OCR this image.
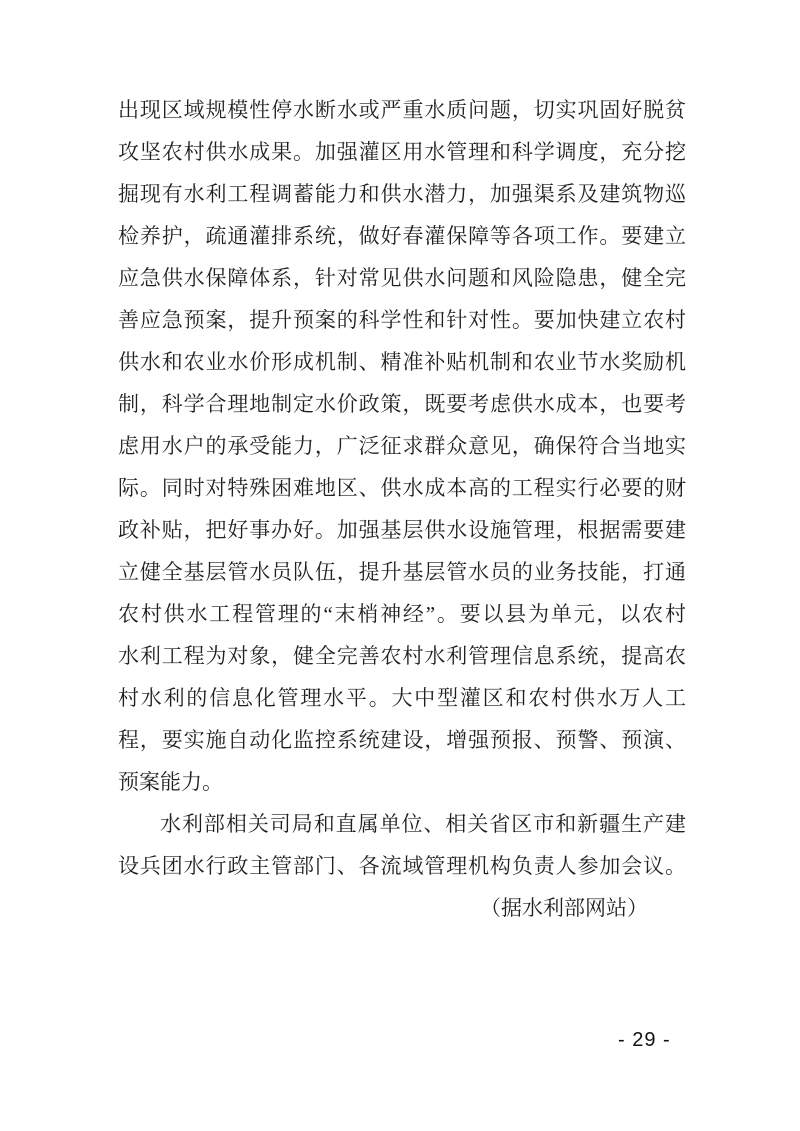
出现区域规模性停水断水或严重水质问题，切实巩固好脱贫
攻坚农村供水成果。加强灌区用水管理和科学调度，充分挖
掘现有水利工程调蓄能力和供水潜力，加强渠系及建筑物巡
检养护，疏通灌排系统，做好春灌保障等各项工作。要建立
应急供水保障体系，针对常见供水问题和风险隐患，健全完
善应急预案，提升预案的科学性和针对性。要加快建立农村
供水和农业水价形成机制、精准补贴机制和农业节水奖励机
制，科学合理地制定水价政策，既要考虑供水成本，也要考
虑用水户的承受能力，广泛征求群众意见，确保符合当地实
际。同时对特殊困难地区、供水成本高的工程实行必要的财
政补贴，把好事办好。加强基层供水设施管理，根据需要建
立健全基层管水员队伍，提升基层管水员的业务技能，打通
农村供水工程管理的“末梢神经”。要以县为单元，以农村
水利工程为对象，健全完善农村水利管理信息系统，提高农
村水利的信息化管理水平。大中型灌区和农村供水万人工
程，要实施自动化监控系统建设，增强预报、预警、预演、
预案能力。
水利部相关司局和直属单位、相关省区市和新疆生产建
设兵团水行政主管部门、各流域管理机构负责人参加会议。
（据水利部网站）
- 29 -
